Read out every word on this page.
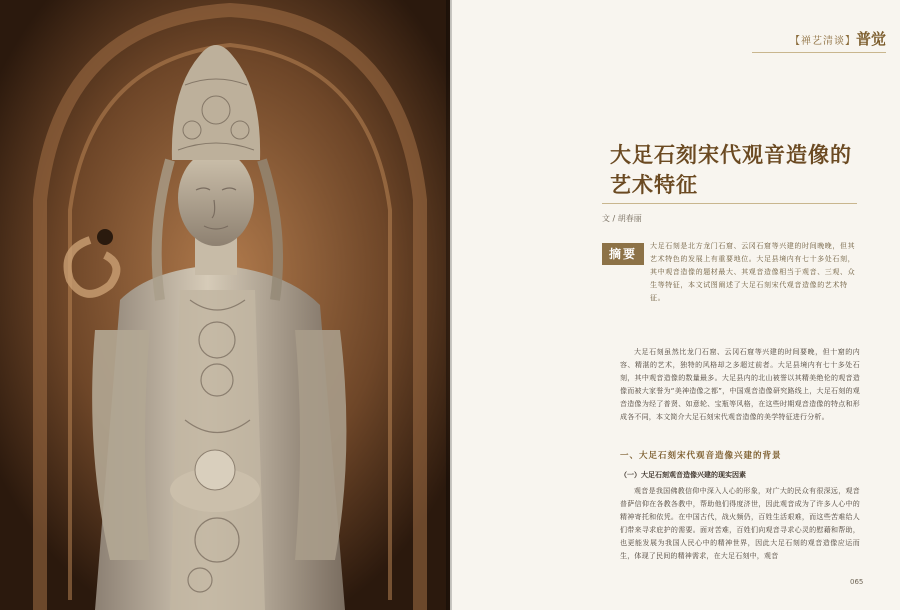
【禅艺清谈】 普觉
大足石刻宋代观音造像的
艺术特征
文 / 胡春丽
摘要

大足石刻是北方龙门石窟、云冈石窟等兴建的时间晚晚，但其艺术特色的发展上有重要地位。大足县境内有七十多处石刻，其中观音造像的题材最大、其观音造像相当于观音、三观、众生等特征，本文试图阐述了大足石刻宋代观音造像的艺术特征。

大足石刻虽然比龙门石窟、云冈石窟等兴建的时间要晚，但十窟的内容、精湛的艺术，独特的风格却之多超过前者。大足县境内有七十多处石刻，其中观音造像的数量最多。大足县内的北山被誉以其精美绝伦的观音造像而被大家誉为“美神造像之都”，中国观音造像研究路线上，大足石刻的观音造像为经了普贤、如意轮、宝瓶等风格，在这些时期观音造像的特点和形成各不同，本文简介大足石刻宋代观音造像的美学特征进行分析。

一、大足石刻宋代观音造像兴建的背景
（一）大足石刻观音造像兴建的现实因素

观音是我国佛教信仰中深入人心的形象，对广大的民众有很深远，观音普萨信仰在各教各教中，帮助他们得度济世，因此观音成为了许多人心中的精神寄托和依凭。在中国古代，战火频仍，百姓生活艰难，而这些苦难给人们带来寻求庇护的需要。面对苦难，百姓们向观音寻求心灵的慰藉和帮助，也更能发展为我国人民心中的精神世界，因此大足石刻的观音造像应运而生，体现了民间的精神需求，在大足石刻中，观音

065
